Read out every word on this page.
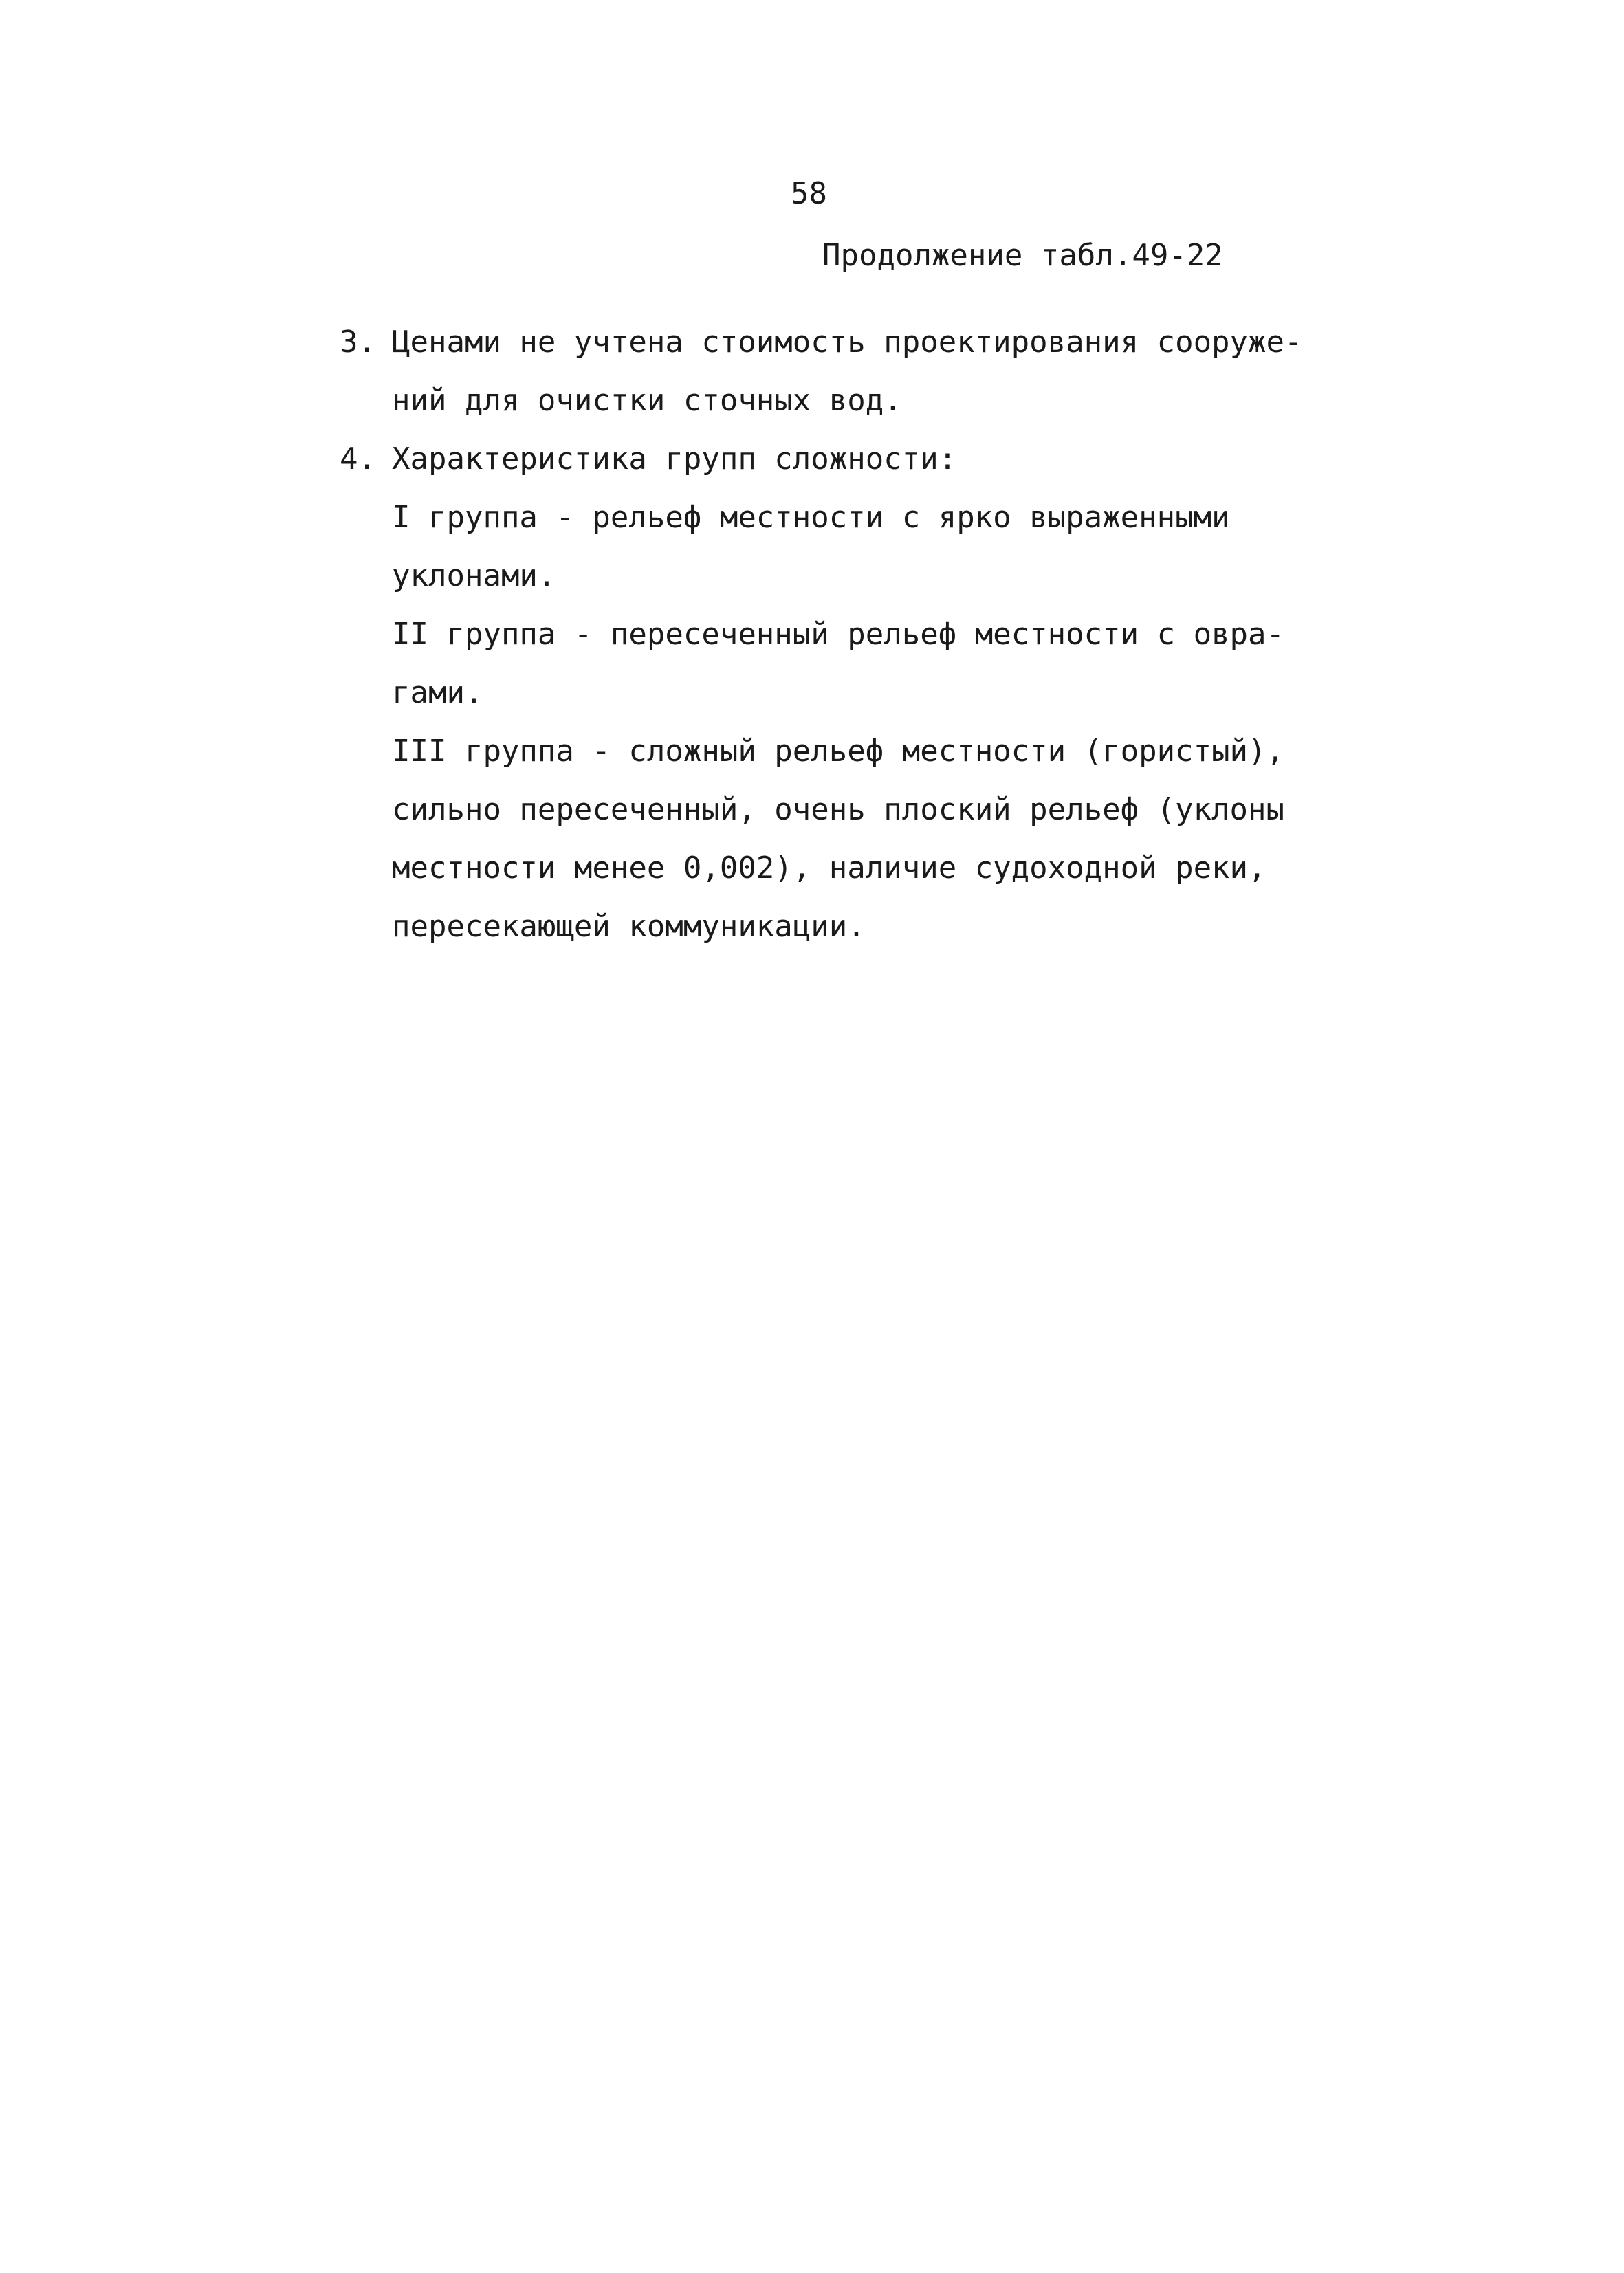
58

Продолжение табл.49-22

3. Ценами не учтена стоимость проектирования сооруже-
ний для очистки сточных вод.
4. Характеристика групп сложности:
I группа - рельеф местности с ярко выраженными
уклонами.
II группа - пересеченный рельеф местности с овра-
гами.
III группа - сложный рельеф местности (гористый),
сильно пересеченный, очень плоский рельеф (уклоны
местности менее 0,002), наличие судоходной реки,
пересекающей коммуникации.
